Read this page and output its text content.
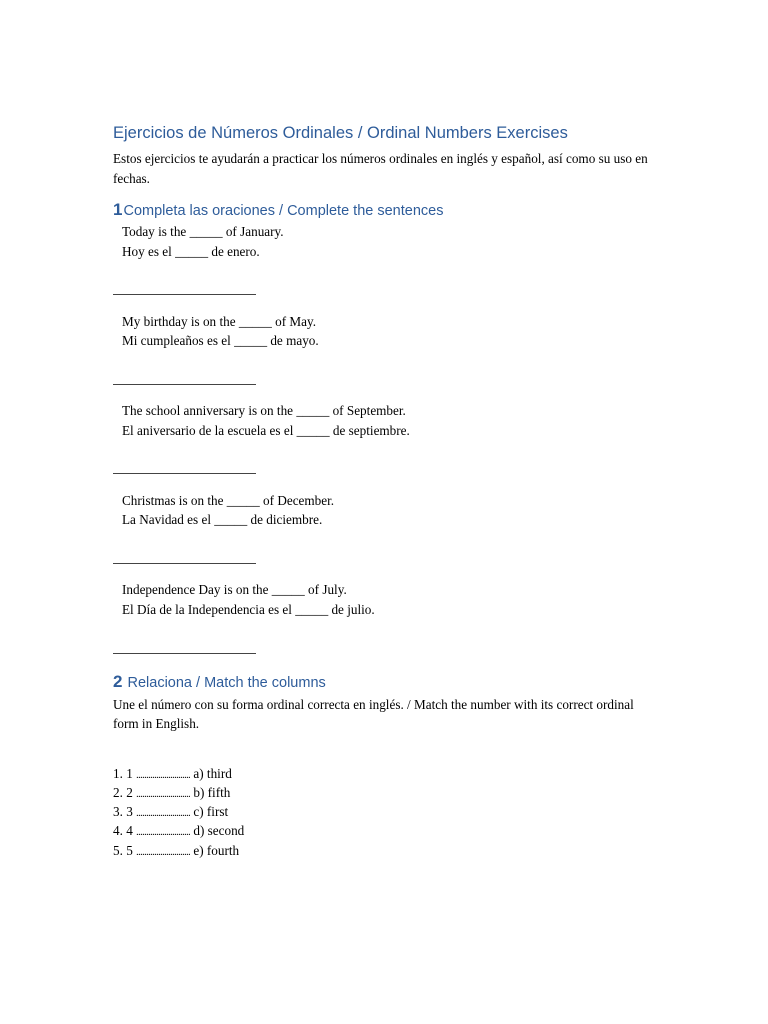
Ejercicios de Números Ordinales / Ordinal Numbers Exercises
Estos ejercicios te ayudarán a practicar los números ordinales en inglés y español, así como su uso en fechas.
1Completa las oraciones / Complete the sentences
Today is the _____ of January.
Hoy es el _____ de enero.
My birthday is on the _____ of May.
Mi cumpleaños es el _____ de mayo.
The school anniversary is on the _____ of September.
El aniversario de la escuela es el _____ de septiembre.
Christmas is on the _____ of December.
La Navidad es el _____ de diciembre.
Independence Day is on the _____ of July.
El Día de la Independencia es el _____ de julio.
2 Relaciona / Match the columns
Une el número con su forma ordinal correcta en inglés. / Match the number with its correct ordinal form in English.
1. 1 ........................... a) third
2. 2 ........................... b) fifth
3. 3 ........................... c) first
4. 4 ........................... d) second
5. 5 ........................... e) fourth
